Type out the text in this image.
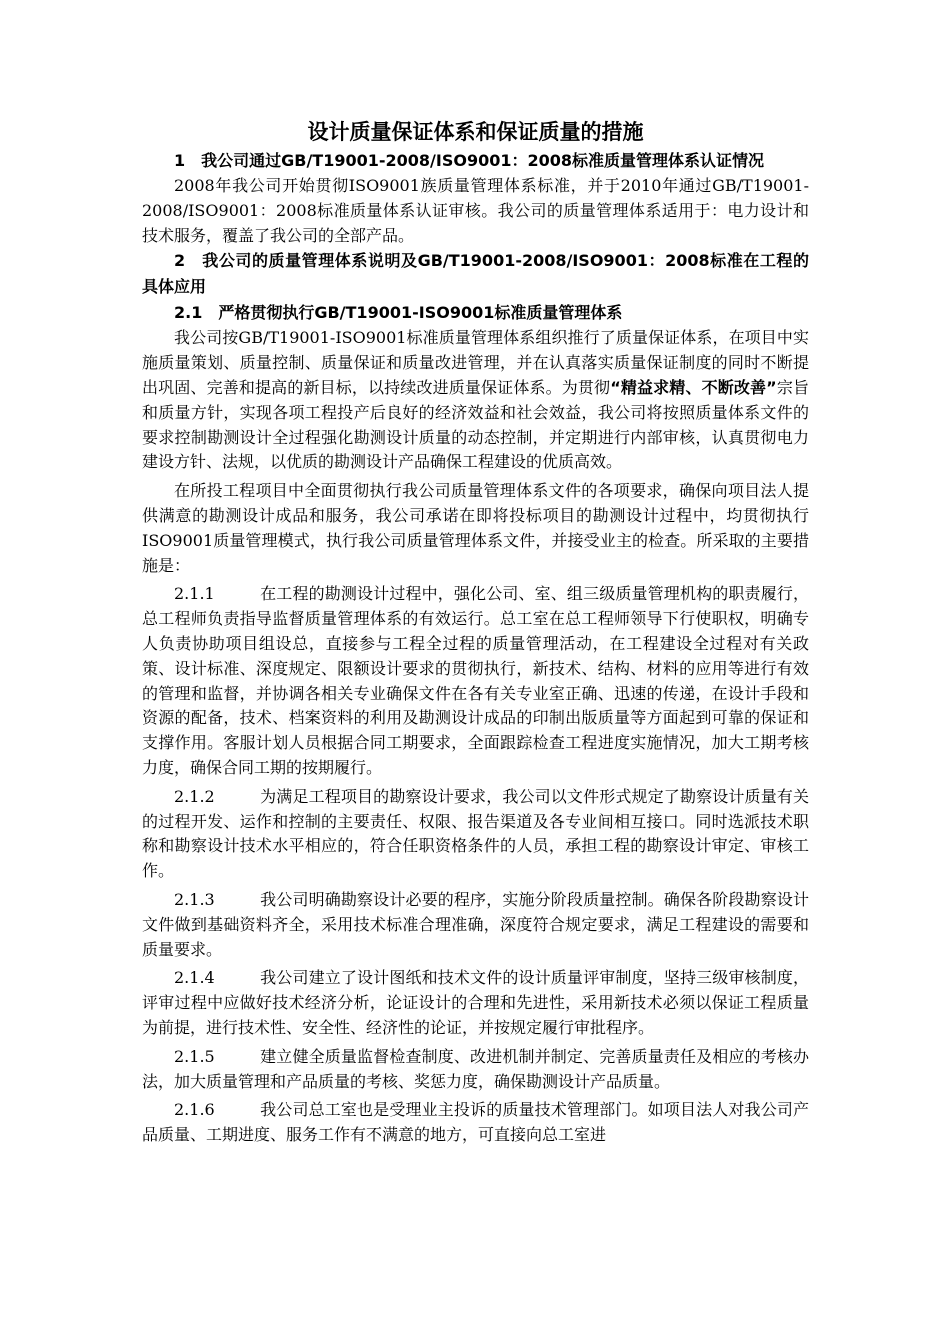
设计质量保证体系和保证质量的措施
1　我公司通过GB/T19001-2008/ISO9001：2008标准质量管理体系认证情况

2008年我公司开始贯彻ISO9001族质量管理体系标准，并于2010年通过GB/T19001-2008/ISO9001：2008标准质量体系认证审核。我公司的质量管理体系适用于：电力设计和技术服务，覆盖了我公司的全部产品。

2　我公司的质量管理体系说明及GB/T19001-2008/ISO9001：2008标准在工程的具体应用
2.1　严格贯彻执行GB/T19001-ISO9001标准质量管理体系

我公司按GB/T19001-ISO9001标准质量管理体系组织推行了质量保证体系，在项目中实施质量策划、质量控制、质量保证和质量改进管理，并在认真落实质量保证制度的同时不断提出巩固、完善和提高的新目标，以持续改进质量保证体系。为贯彻“精益求精、不断改善”宗旨和质量方针，实现各项工程投产后良好的经济效益和社会效益，我公司将按照质量体系文件的要求控制勘测设计全过程强化勘测设计质量的动态控制，并定期进行内部审核，认真贯彻电力建设方针、法规，以优质的勘测设计产品确保工程建设的优质高效。

在所投工程项目中全面贯彻执行我公司质量管理体系文件的各项要求，确保向项目法人提供满意的勘测设计成品和服务，我公司承诺在即将投标项目的勘测设计过程中，均贯彻执行ISO9001质量管理模式，执行我公司质量管理体系文件，并接受业主的检查。所采取的主要措施是：

2.1.1	在工程的勘测设计过程中，强化公司、室、组三级质量管理机构的职责履行，总工程师负责指导监督质量管理体系的有效运行。总工室在总工程师领导下行使职权，明确专人负责协助项目组设总，直接参与工程全过程的质量管理活动，在工程建设全过程对有关政策、设计标准、深度规定、限额设计要求的贯彻执行，新技术、结构、材料的应用等进行有效的管理和监督，并协调各相关专业确保文件在各有关专业室正确、迅速的传递，在设计手段和资源的配备，技术、档案资料的利用及勘测设计成品的印制出版质量等方面起到可靠的保证和支撑作用。客服计划人员根据合同工期要求，全面跟踪检查工程进度实施情况，加大工期考核力度，确保合同工期的按期履行。

2.1.2	为满足工程项目的勘察设计要求，我公司以文件形式规定了勘察设计质量有关的过程开发、运作和控制的主要责任、权限、报告渠道及各专业间相互接口。同时选派技术职称和勘察设计技术水平相应的，符合任职资格条件的人员，承担工程的勘察设计审定、审核工作。

2.1.3	我公司明确勘察设计必要的程序，实施分阶段质量控制。确保各阶段勘察设计文件做到基础资料齐全，采用技术标准合理准确，深度符合规定要求，满足工程建设的需要和质量要求。

2.1.4	我公司建立了设计图纸和技术文件的设计质量评审制度，坚持三级审核制度，评审过程中应做好技术经济分析，论证设计的合理和先进性，采用新技术必须以保证工程质量为前提，进行技术性、安全性、经济性的论证，并按规定履行审批程序。

2.1.5	建立健全质量监督检查制度、改进机制并制定、完善质量责任及相应的考核办法，加大质量管理和产品质量的考核、奖惩力度，确保勘测设计产品质量。

2.1.6	我公司总工室也是受理业主投诉的质量技术管理部门。如项目法人对我公司产品质量、工期进度、服务工作有不满意的地方，可直接向总工室进
